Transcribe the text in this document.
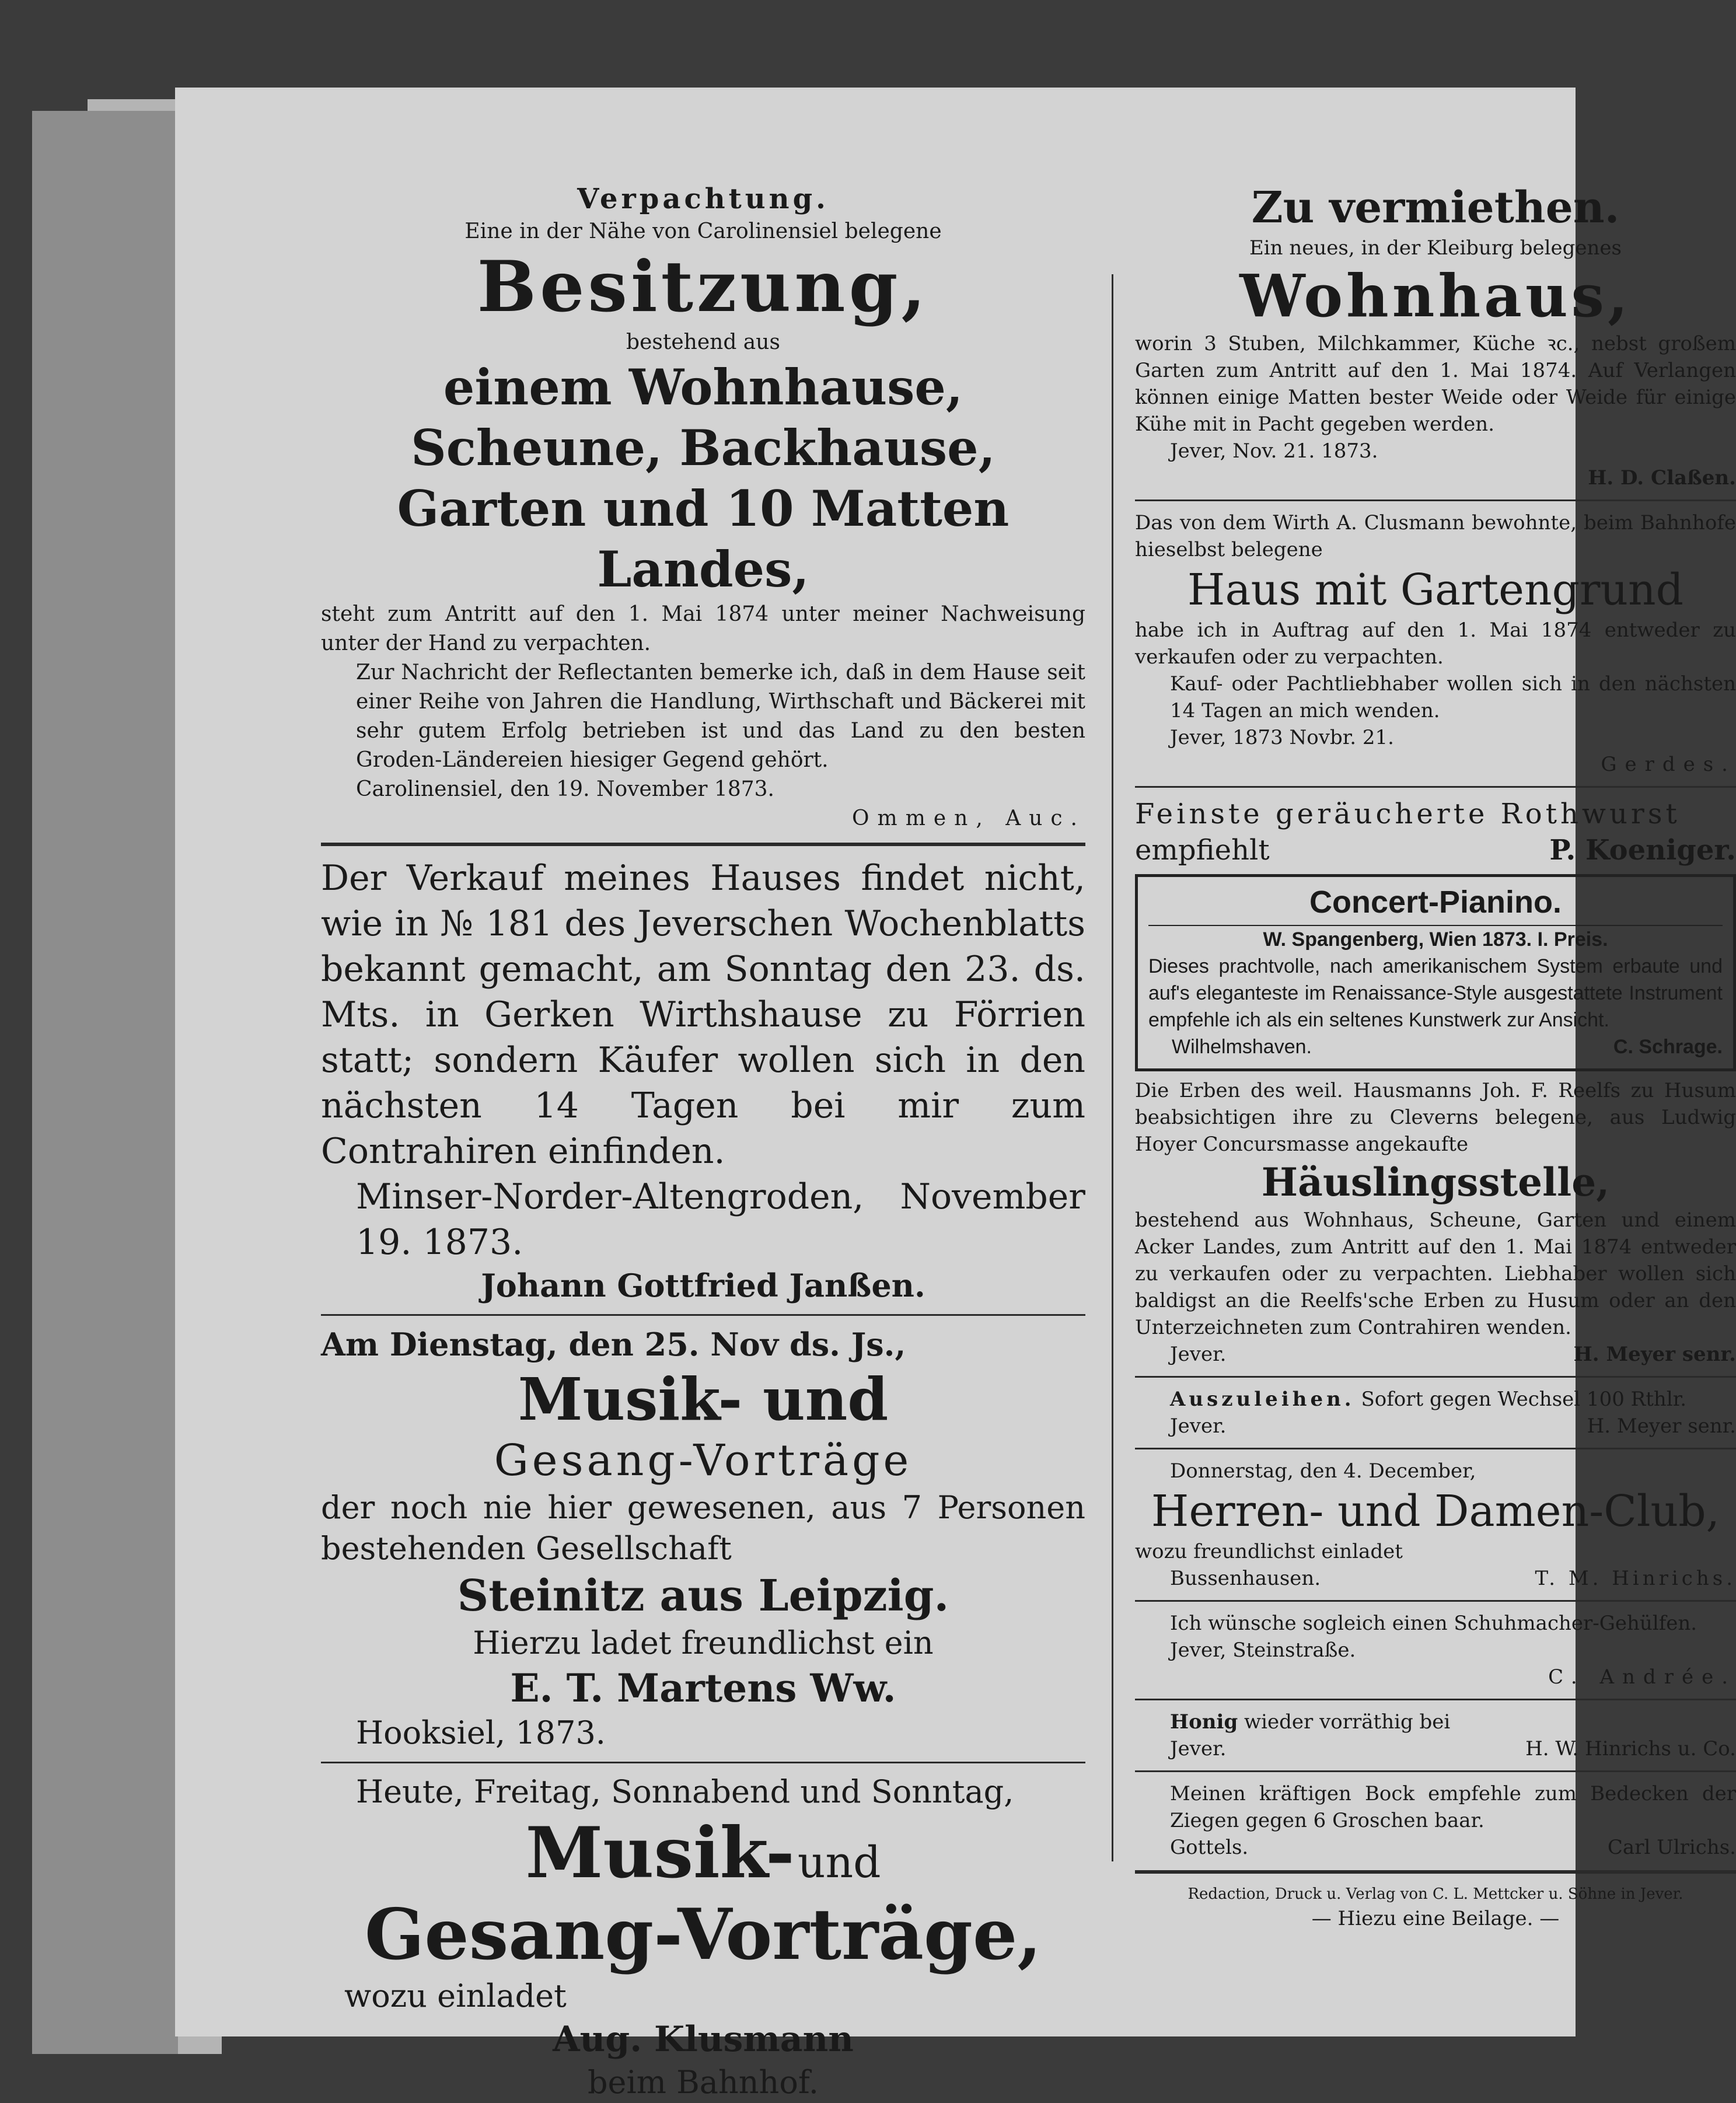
Verpachtung.

Eine in der Nähe von Carolinensiel belegene

Besitzung,

bestehend aus

einem Wohnhause,

Scheune, Backhause,

Garten und 10 Matten

Landes,

steht zum Antritt auf den 1. Mai 1874 unter meiner Nachweisung unter der Hand zu verpachten.

Zur Nachricht der Reflectanten bemerke ich, daß in dem Hause seit einer Reihe von Jahren die Handlung, Wirthschaft und Bäckerei mit sehr gutem Erfolg betrieben ist und das Land zu den besten Groden-Ländereien hiesiger Gegend gehört.

Carolinensiel, den 19. November 1873.

Ommen, Auc.

Der Verkauf meines Hauses findet nicht, wie in № 181 des Jeverschen Wochenblatts bekannt gemacht, am Sonntag den 23. ds. Mts. in Gerken Wirthshause zu Förrien statt; sondern Käufer wollen sich in den nächsten 14 Tagen bei mir zum Contrahiren einfinden.

Minser-Norder-Altengroden, November 19. 1873.

Johann Gottfried Janßen.

Am Dienstag, den 25. Nov ds. Js.,

Musik- und

Gesang-Vorträge

der noch nie hier gewesenen, aus 7 Personen bestehenden Gesellschaft

Steinitz aus Leipzig.

Hierzu ladet freundlichst ein

E. T. Martens Ww.

Hooksiel, 1873.

Heute, Freitag, Sonnabend und Sonntag,

Musik- und

Gesang-Vorträge,

wozu einladet

Aug. Klusmann

beim Bahnhof.

Zu vermiethen.

Ein neues, in der Kleiburg belegenes

Wohnhaus,

worin 3 Stuben, Milchkammer, Küche ꝛc., nebst großem Garten zum Antritt auf den 1. Mai 1874. Auf Verlangen können einige Matten bester Weide oder Weide für einige Kühe mit in Pacht gegeben werden.

Jever, Nov. 21. 1873.

H. D. Claßen.

Das von dem Wirth A. Clusmann bewohnte, beim Bahnhofe hieselbst belegene

Haus mit Gartengrund

habe ich in Auftrag auf den 1. Mai 1874 entweder zu verkaufen oder zu verpachten.

Kauf- oder Pachtliebhaber wollen sich in den nächsten 14 Tagen an mich wenden.

Jever, 1873 Novbr. 21.

Gerdes.

Feinste geräucherte Rothwurst

empfiehlt	P. Koeniger.

Concert-Pianino.

W. Spangenberg, Wien 1873. I. Preis.

Dieses prachtvolle, nach amerikanischem System erbaute und auf's eleganteste im Renaissance-Style ausgestattete Instrument empfehle ich als ein seltenes Kunstwerk zur Ansicht.

Wilhelmshaven.	C. Schrage.

Die Erben des weil. Hausmanns Joh. F. Reelfs zu Husum beabsichtigen ihre zu Cleverns belegene, aus Ludwig Hoyer Concursmasse angekaufte

Häuslingsstelle,

bestehend aus Wohnhaus, Scheune, Garten und einem Acker Landes, zum Antritt auf den 1. Mai 1874 entweder zu verkaufen oder zu verpachten. Liebhaber wollen sich baldigst an die Reelfs'sche Erben zu Husum oder an den Unterzeichneten zum Contrahiren wenden.

Jever.	H. Meyer senr.

Auszuleihen. Sofort gegen Wechsel 100 Rthlr.

Jever.	H. Meyer senr.

Donnerstag, den 4. December,

Herren- und Damen-Club,

wozu freundlichst einladet

Bussenhausen.	T. M. Hinrichs.

Ich wünsche sogleich einen Schuhmacher-Gehülfen.

Jever, Steinstraße.

C. Andrée.

Honig wieder vorräthig bei

Jever.	H. W. Hinrichs u. Co.

Meinen kräftigen Bock empfehle zum Bedecken der Ziegen gegen 6 Groschen baar.

Gottels.	Carl Ulrichs.

Redaction, Druck u. Verlag von C. L. Mettcker u. Söhne in Jever.

— Hiezu eine Beilage. —
